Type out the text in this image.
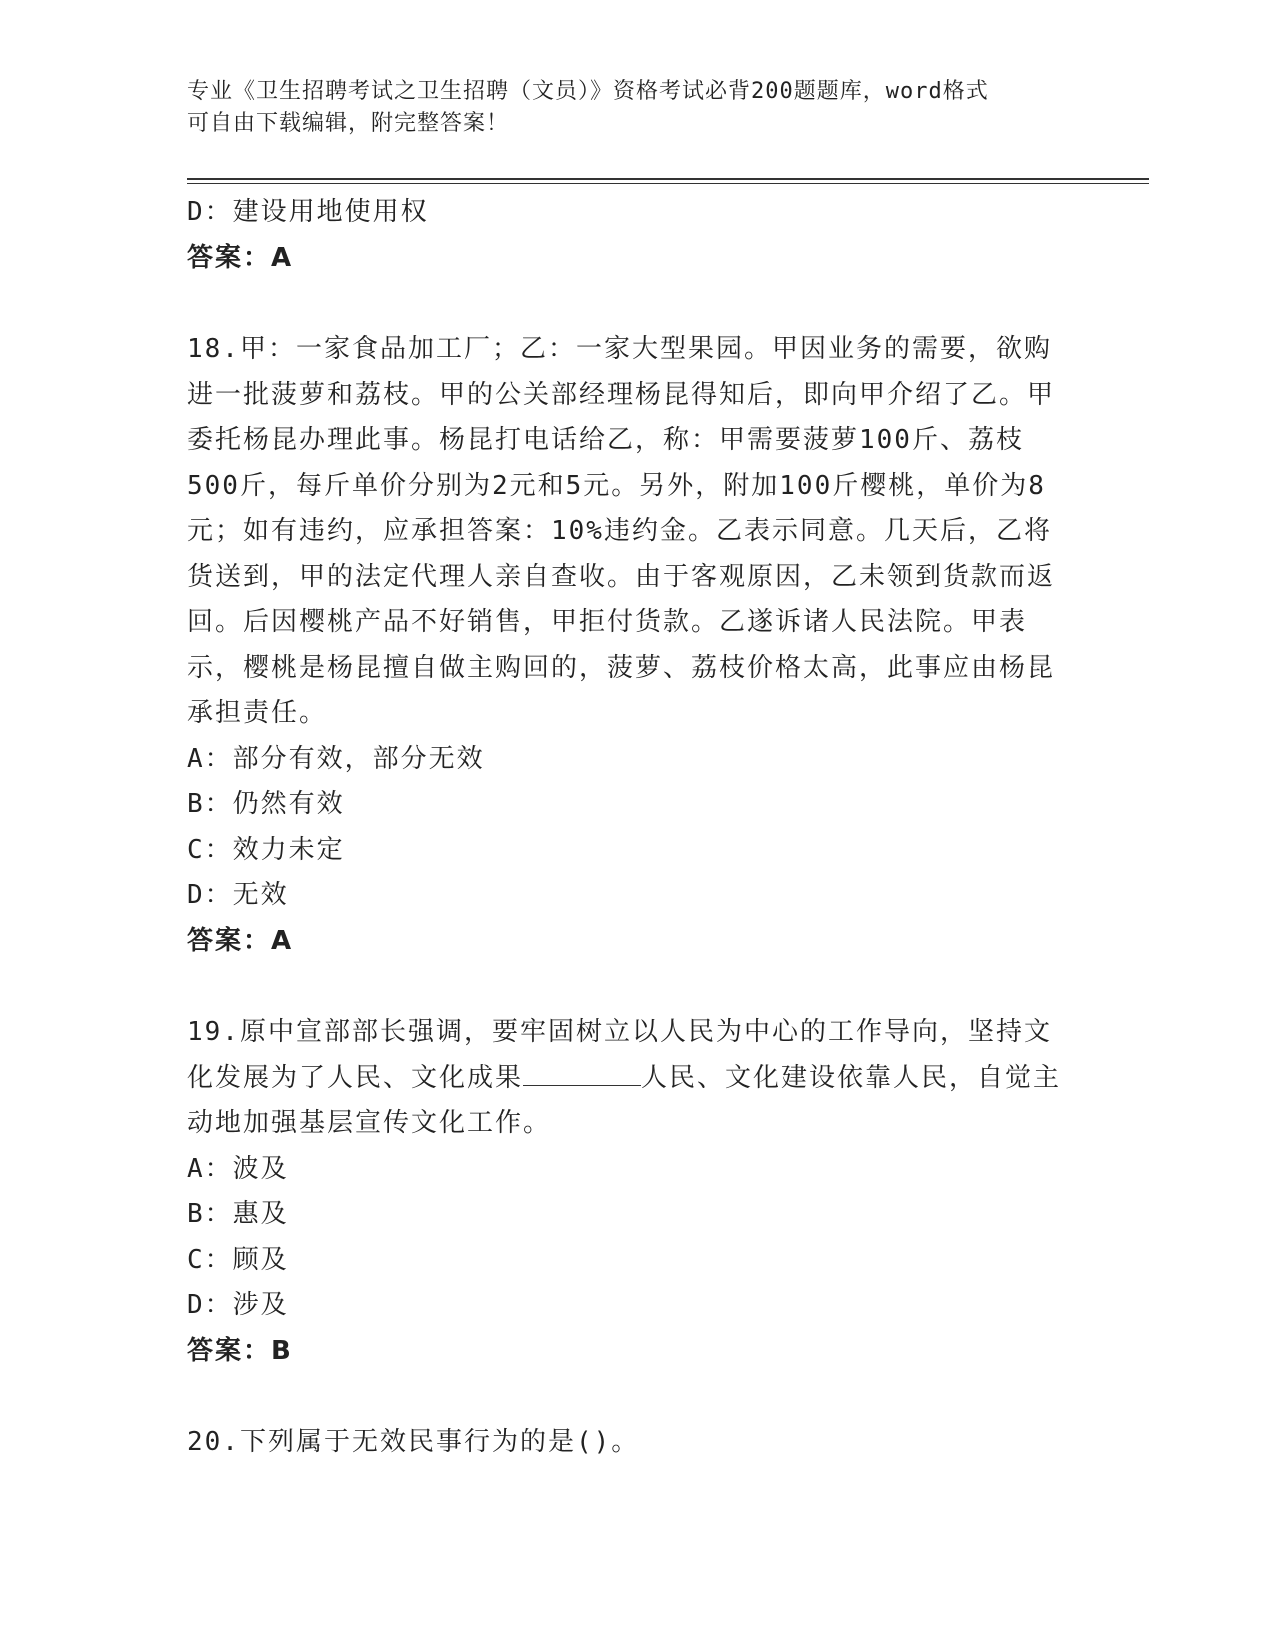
专业《卫生招聘考试之卫生招聘（文员）》资格考试必背200题题库，word格式
可自由下载编辑，附完整答案！
D：建设用地使用权
答案：A
18.甲：一家食品加工厂；乙：一家大型果园。甲因业务的需要，欲购进一批菠萝和荔枝。甲的公关部经理杨昆得知后，即向甲介绍了乙。甲委托杨昆办理此事。杨昆打电话给乙，称：甲需要菠萝100斤、荔枝500斤，每斤单价分别为2元和5元。另外，附加100斤樱桃，单价为8元；如有违约，应承担答案：10%违约金。乙表示同意。几天后，乙将货送到，甲的法定代理人亲自查收。由于客观原因，乙未领到货款而返回。后因樱桃产品不好销售，甲拒付货款。乙遂诉诸人民法院。甲表示，樱桃是杨昆擅自做主购回的，菠萝、荔枝价格太高，此事应由杨昆承担责任。
A：部分有效，部分无效
B：仍然有效
C：效力未定
D：无效
答案：A
19.原中宣部部长强调，要牢固树立以人民为中心的工作导向，坚持文化发展为了人民、文化成果	人民、文化建设依靠人民，自觉主动地加强基层宣传文化工作。
A：波及
B：惠及
C：顾及
D：涉及
答案：B
20.下列属于无效民事行为的是()。
